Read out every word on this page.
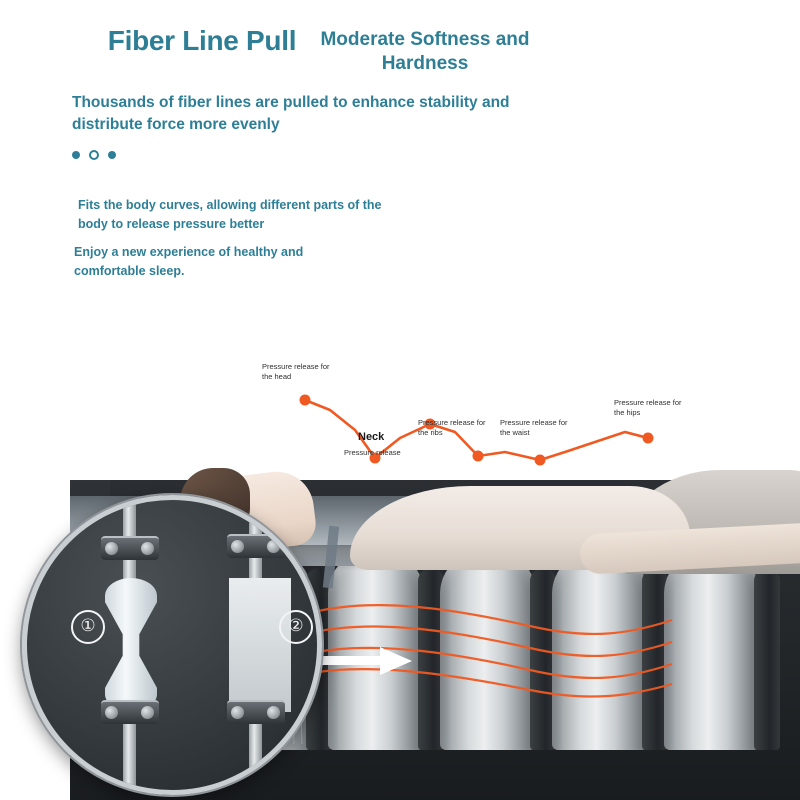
Fiber Line Pull	Moderate Softness and Hardness
Thousands of fiber lines are pulled to enhance stability and distribute force more evenly
Fits the body curves, allowing different parts of the body to release pressure better
Enjoy a new experience of healthy and comfortable sleep.
Pressure release for the head
Neck
Pressure release
Pressure release for the ribs
Pressure release for the waist
Pressure release for the hips
①	②
